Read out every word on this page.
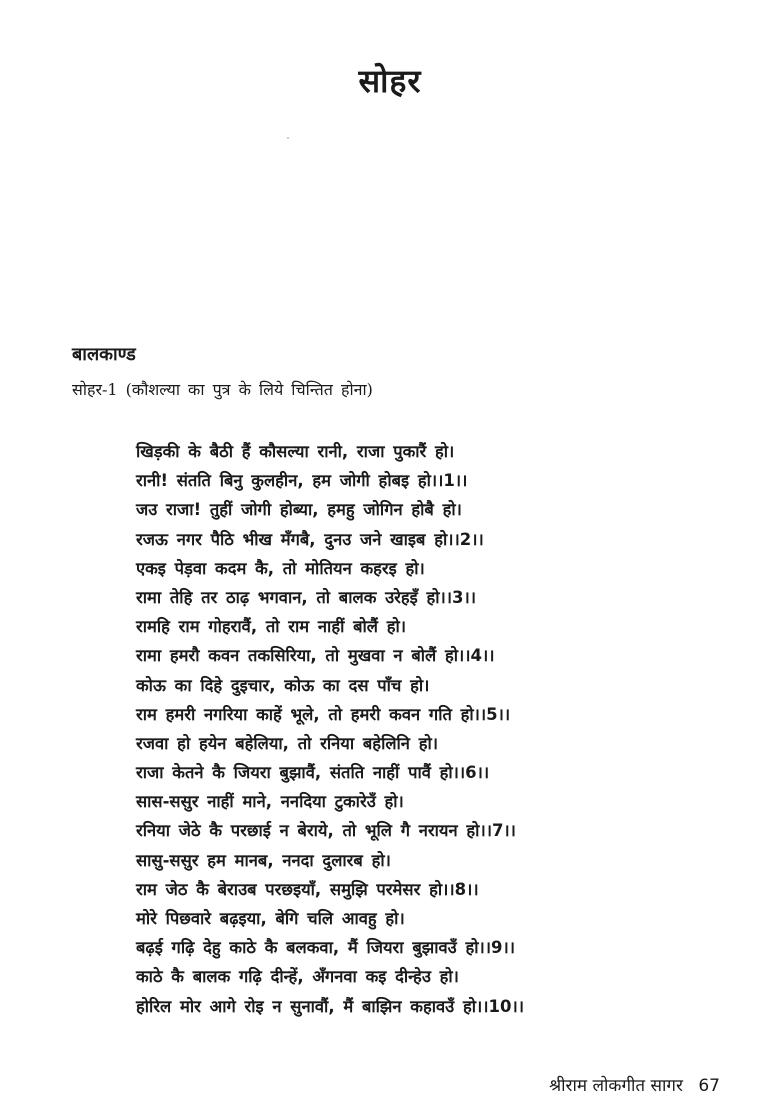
सोहर
बालकाण्ड
सोहर-1 (कौशल्या का पुत्र के लिये चिन्तित होना)
खिड़की के बैठी हैं कौसल्या रानी, राजा पुकारैं हो।
रानी! संतति बिनु कुलहीन, हम जोगी होबइ हो।।1।।
जउ राजा! तुहीं जोगी होब्या, हमहु जोगिन होबै हो।
रजऊ नगर पैठि भीख मँगबै, दुनउ जने खाइब हो।।2।।
एकइ पेड़वा कदम कै, तो मोतियन कहरइ हो।
रामा तेहि तर ठाढ़ भगवान, तो बालक उरेहइँ हो।।3।।
रामहि राम गोहरावैं, तो राम नाहीं बोलैं हो।
रामा हमरौ कवन तकसिरिया, तो मुखवा न बोलैं हो।।4।।
कोऊ का दिहे दुइचार, कोऊ का दस पाँच हो।
राम हमरी नगरिया काहें भूले, तो हमरी कवन गति हो।।5।।
रजवा हो हयेन बहेलिया, तो रनिया बहेलिनि हो।
राजा केतने कै जियरा बुझावैं, संतति नाहीं पावैं हो।।6।।
सास-ससुर नाहीं माने, ननदिया टुकारेउँ हो।
रनिया जेठे कै परछाई न बेराये, तो भूलि गै नरायन हो।।7।।
सासु-ससुर हम मानब, ननदा दुलारब हो।
राम जेठ कै बेराउब परछइयाँ, समुझि परमेसर हो।।8।।
मोरे पिछवारे बढ़इया, बेगि चलि आवहु हो।
बढ़ई गढ़ि देहु काठे कै बलकवा, मैं जियरा बुझावउँ हो।।9।।
काठे कै बालक गढ़ि दीन्हें, अँगनवा कइ दीन्हेउ हो।
होरिल मोर आगे रोइ न सुनावौं, मैं बाझिन कहावउँ हो।।10।।
श्रीराम लोकगीत सागर 67
